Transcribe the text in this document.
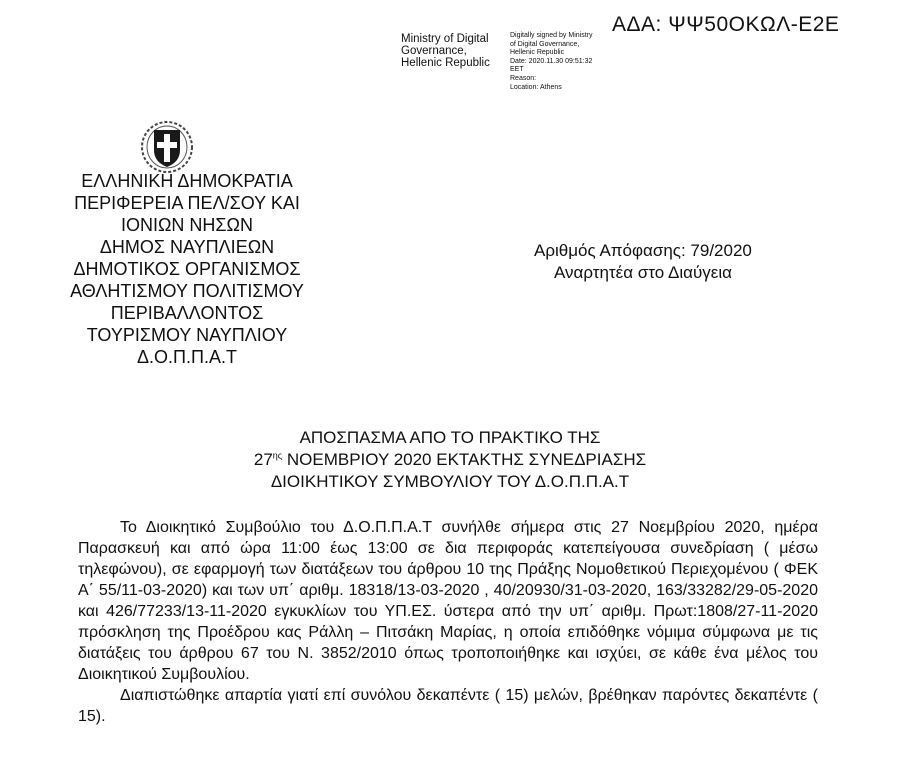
ΑΔΑ: ΨΨ50ΟΚΩΛ-Ε2Ε
Ministry of Digital
Governance,
Hellenic Republic
Digitally signed by Ministry
of Digital Governance,
Hellenic Republic
Date: 2020.11.30 09:51:32
EET
Reason:
Location: Athens
ΕΛΛΗΝΙΚΗ ΔΗΜΟΚΡΑΤΙΑ
ΠΕΡΙΦΕΡΕΙΑ ΠΕΛ/ΣΟΥ ΚΑΙ
ΙΟΝΙΩΝ ΝΗΣΩΝ
ΔΗΜΟΣ ΝΑΥΠΛΙΕΩΝ
ΔΗΜΟΤΙΚΟΣ ΟΡΓΑΝΙΣΜΟΣ
ΑΘΛΗΤΙΣΜΟΥ ΠΟΛΙΤΙΣΜΟΥ
ΠΕΡΙΒΑΛΛΟΝΤΟΣ
ΤΟΥΡΙΣΜΟΥ ΝΑΥΠΛΙΟΥ
Δ.Ο.Π.Π.Α.Τ
Αριθμός Απόφασης: 79/2020
Αναρτητέα στο Διαύγεια
ΑΠΟΣΠΑΣΜΑ ΑΠΟ ΤΟ ΠΡΑΚΤΙΚΟ ΤΗΣ
$27^{\eta\varsigma}$ ΝΟΕΜΒΡΙΟΥ 2020 ΕΚΤΑΚΤΗΣ ΣΥΝΕΔΡΙΑΣΗΣ
ΔΙΟΙΚΗΤΙΚΟΥ ΣΥΜΒΟΥΛΙΟΥ ΤΟΥ Δ.Ο.Π.Π.Α.Τ

Το Διοικητικό Συμβούλιο του Δ.Ο.Π.Π.Α.Τ συνήλθε σήμερα στις 27 Νοεμβρίου 2020, ημέρα Παρασκευή και από ώρα 11:00 έως 13:00 σε δια περιφοράς κατεπείγουσα συνεδρίαση ( μέσω τηλεφώνου), σε εφαρμογή των διατάξεων του άρθρου 10 της Πράξης Νομοθετικού Περιεχομένου ( ΦΕΚ Α΄ 55/11-03-2020) και των υπ΄ αριθμ. 18318/13-03-2020 , 40/20930/31-03-2020, 163/33282/29-05-2020 και 426/77233/13-11-2020 εγκυκλίων του ΥΠ.ΕΣ. ύστερα από την υπ΄ αριθμ. Πρωτ:1808/27-11-2020 πρόσκληση της Προέδρου κας Ράλλη – Πιτσάκη Μαρίας, η οποία επιδόθηκε νόμιμα σύμφωνα με τις διατάξεις του άρθρου 67 του Ν. 3852/2010 όπως τροποποιήθηκε και ισχύει, σε κάθε ένα μέλος του Διοικητικού Συμβουλίου.

Διαπιστώθηκε απαρτία γιατί επί συνόλου δεκαπέντε ( 15) μελών, βρέθηκαν παρόντες δεκαπέντε ( 15).
